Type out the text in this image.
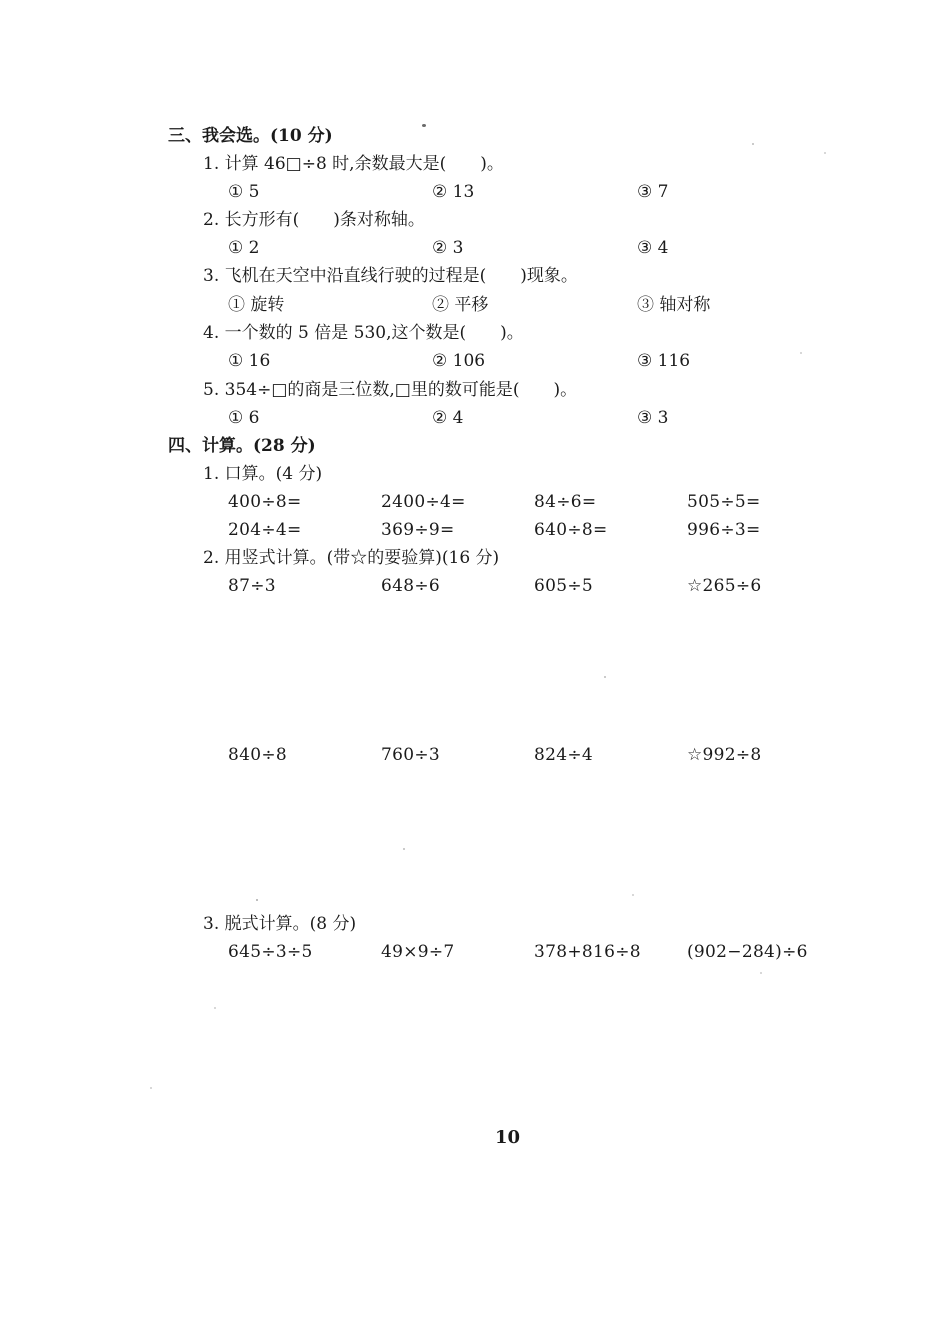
三、我会选。(10 分)
1. 计算 46□÷8 时,余数最大是(　　)。
① 5	② 13	③ 7
2. 长方形有(　　)条对称轴。
① 2	② 3	③ 4
3. 飞机在天空中沿直线行驶的过程是(　　)现象。
① 旋转	② 平移	③ 轴对称
4. 一个数的 5 倍是 530,这个数是(　　)。
① 16	② 106	③ 116
5. 354÷□的商是三位数,□里的数可能是(　　)。
① 6	② 4	③ 3
四、计算。(28 分)
1. 口算。(4 分)
400÷8=	2400÷4=	84÷6=	505÷5=
204÷4=	369÷9=	640÷8=	996÷3=
2. 用竖式计算。(带☆的要验算)(16 分)
87÷3	648÷6	605÷5	☆265÷6
840÷8	760÷3	824÷4	☆992÷8
3. 脱式计算。(8 分)
645÷3÷5	49×9÷7	378+816÷8	(902−284)÷6
10
